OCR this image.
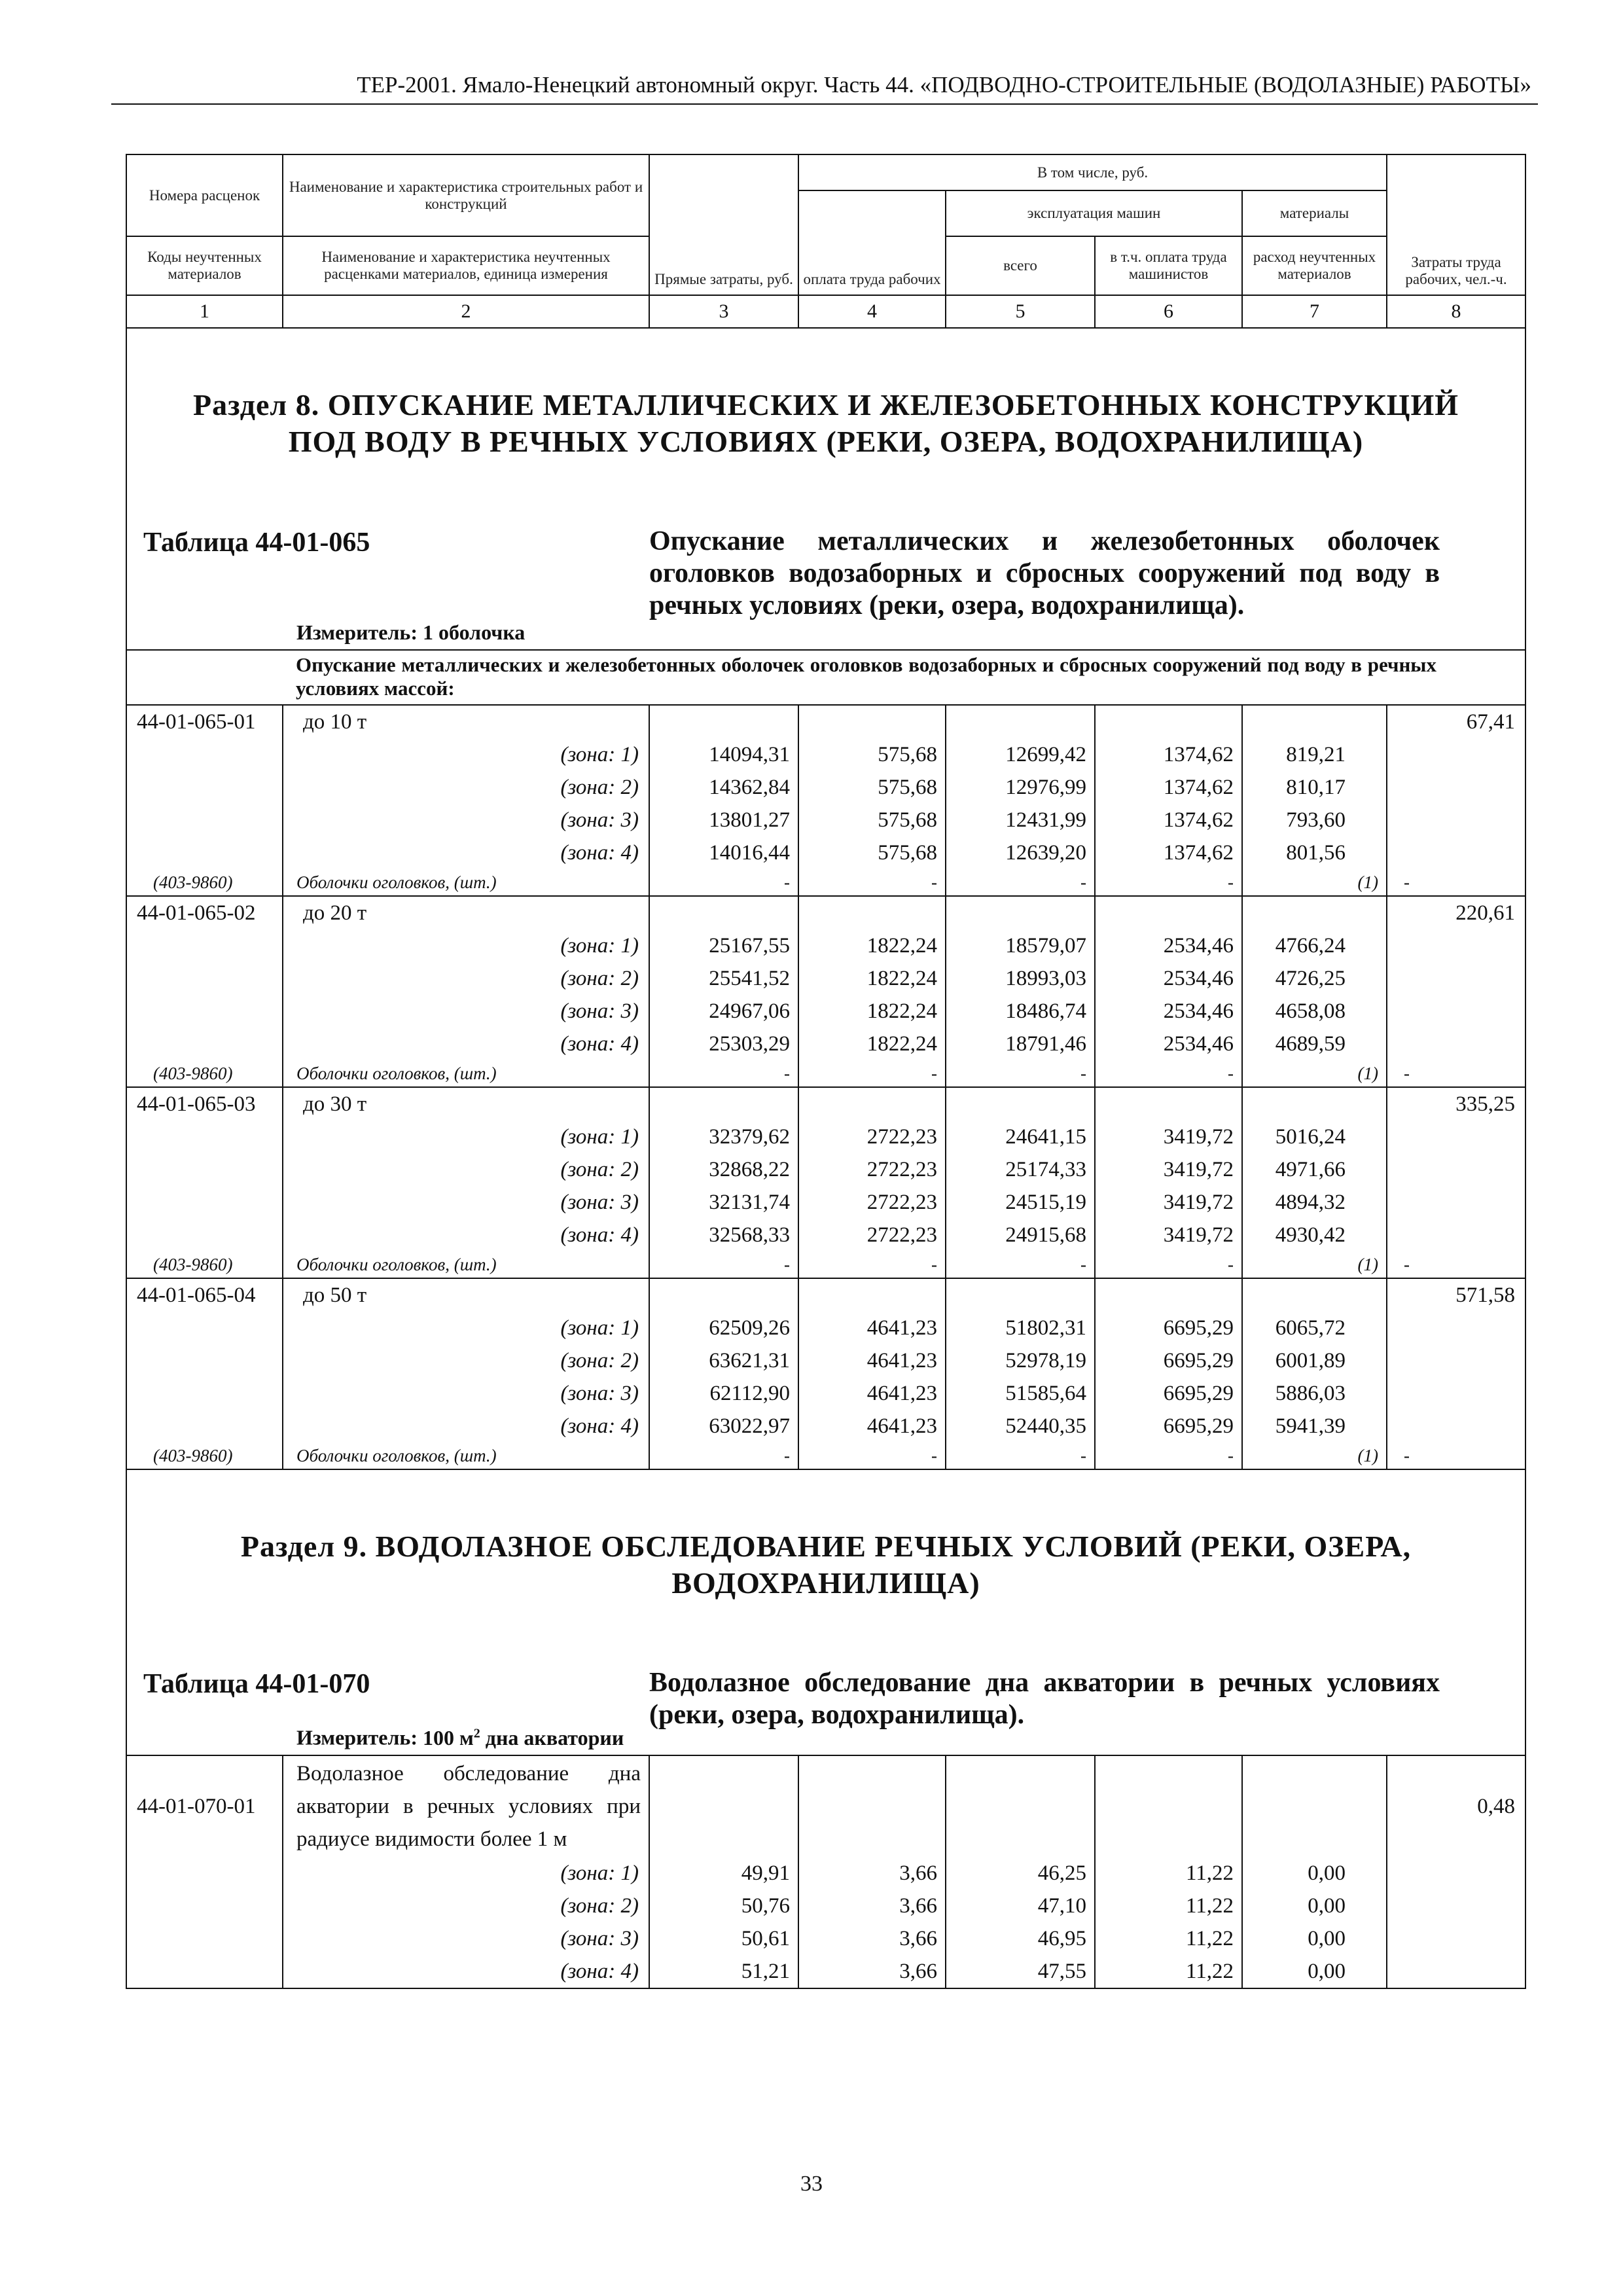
ТЕР-2001. Ямало-Ненецкий автономный округ. Часть 44. «ПОДВОДНО-СТРОИТЕЛЬНЫЕ (ВОДОЛАЗНЫЕ) РАБОТЫ»
Номера расценок	Наименование и характеристика строительных работ и конструкций	Прямые затраты, руб.	В том числе, руб.				Затраты труда рабочих, чел.-ч.
			оплата труда рабочих	эксплуатация машин		материалы	
Коды неучтенных материалов	Наименование и характеристика неучтенных расценками материалов, единица измерения			всего	в т.ч. оплата труда машинистов	расход неучтенных материалов	
1	2	3	4	5	6	7	8

Раздел 8. ОПУСКАНИЕ МЕТАЛЛИЧЕСКИХ И ЖЕЛЕЗОБЕТОННЫХ КОНСТРУКЦИЙ
ПОД ВОДУ В РЕЧНЫХ УСЛОВИЯХ (РЕКИ, ОЗЕРА, ВОДОХРАНИЛИЩА)							

Таблица 44-01-065
Измеритель: 1 оболочка		Опускание металлических и железобетонных оболочек оголовков водозаборных и сбросных сооружений под воду в речных условиях (реки, озера, водохранилища).					
	Опускание металлических и железобетонных оболочек оголовков водозаборных и сбросных сооружений под воду в речных условиях массой:						
44-01-065-01	до 10 т						67,41
	(зона: 1)	14094,31	575,68	12699,42	1374,62	819,21	
	(зона: 2)	14362,84	575,68	12976,99	1374,62	810,17	
	(зона: 3)	13801,27	575,68	12431,99	1374,62	793,60	
	(зона: 4)	14016,44	575,68	12639,20	1374,62	801,56	
(403-9860)	Оболочки оголовков, (шт.)	-	-	-	-	(1)	-
44-01-065-02	до 20 т						220,61
	(зона: 1)	25167,55	1822,24	18579,07	2534,46	4766,24	
	(зона: 2)	25541,52	1822,24	18993,03	2534,46	4726,25	
	(зона: 3)	24967,06	1822,24	18486,74	2534,46	4658,08	
	(зона: 4)	25303,29	1822,24	18791,46	2534,46	4689,59	
(403-9860)	Оболочки оголовков, (шт.)	-	-	-	-	(1)	-
44-01-065-03	до 30 т						335,25
	(зона: 1)	32379,62	2722,23	24641,15	3419,72	5016,24	
	(зона: 2)	32868,22	2722,23	25174,33	3419,72	4971,66	
	(зона: 3)	32131,74	2722,23	24515,19	3419,72	4894,32	
	(зона: 4)	32568,33	2722,23	24915,68	3419,72	4930,42	
(403-9860)	Оболочки оголовков, (шт.)	-	-	-	-	(1)	-
44-01-065-04	до 50 т						571,58
	(зона: 1)	62509,26	4641,23	51802,31	6695,29	6065,72	
	(зона: 2)	63621,31	4641,23	52978,19	6695,29	6001,89	
	(зона: 3)	62112,90	4641,23	51585,64	6695,29	5886,03	
	(зона: 4)	63022,97	4641,23	52440,35	6695,29	5941,39	
(403-9860)	Оболочки оголовков, (шт.)	-	-	-	-	(1)	-

Раздел 9. ВОДОЛАЗНОЕ ОБСЛЕДОВАНИЕ РЕЧНЫХ УСЛОВИЙ (РЕКИ, ОЗЕРА,
ВОДОХРАНИЛИЩА)							

Таблица 44-01-070
Измеритель: 100 $м^2$ дна акватории		Водолазное обследование дна акватории в речных условиях (реки, озера, водохранилища).					
44-01-070-01	Водолазное обследование дна акватории в речных условиях при радиусе видимости более 1 м						0,48
	(зона: 1)	49,91	3,66	46,25	11,22	0,00	
	(зона: 2)	50,76	3,66	47,10	11,22	0,00	
	(зона: 3)	50,61	3,66	46,95	11,22	0,00	
	(зона: 4)	51,21	3,66	47,55	11,22	0,00	
33
